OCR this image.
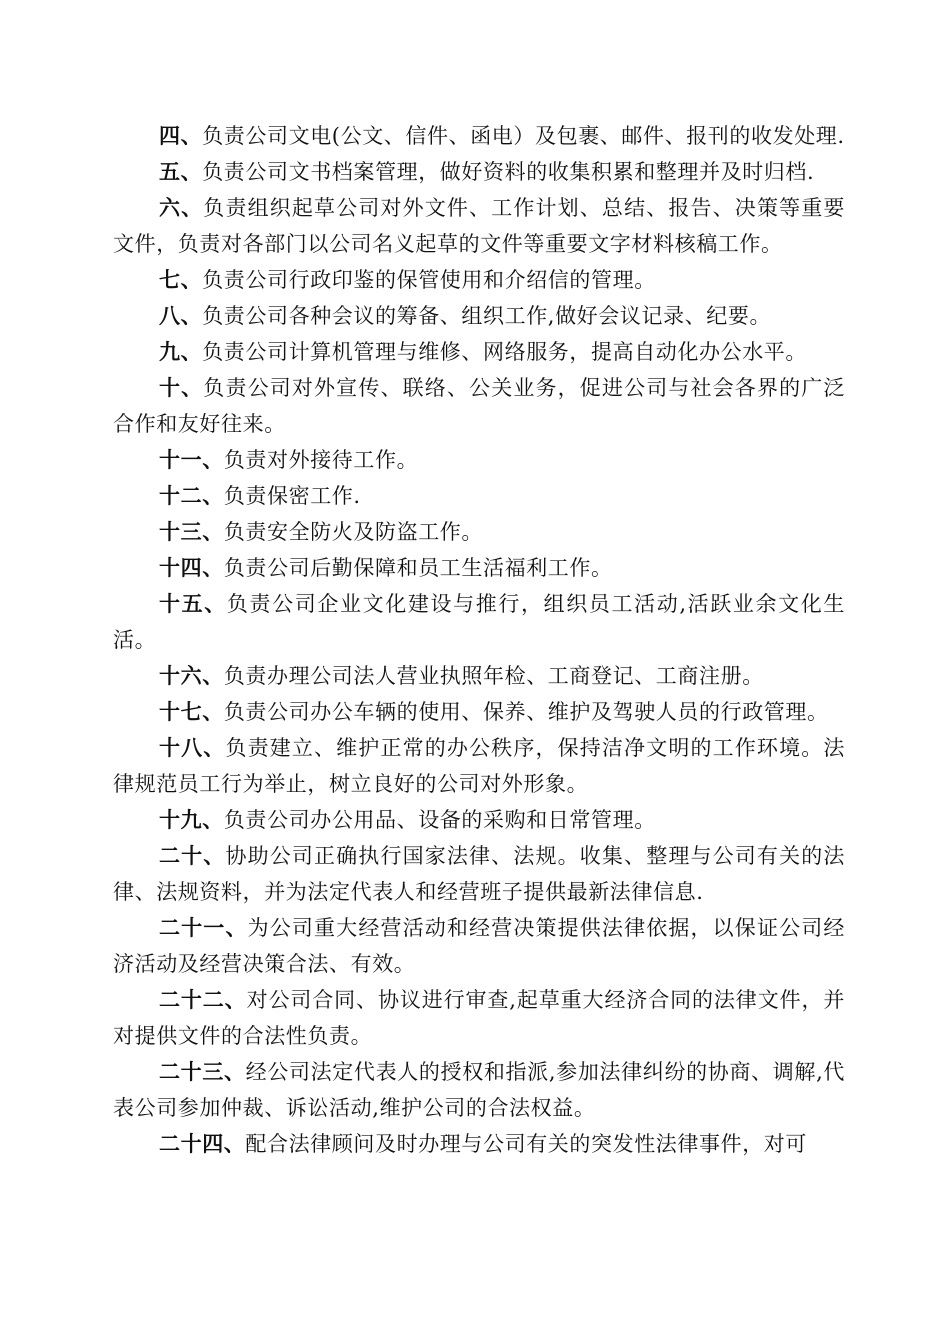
四、负责公司文电(公文、信件、函电）及包裹、邮件、报刊的收发处理.

五、负责公司文书档案管理，做好资料的收集积累和整理并及时归档.

六、负责组织起草公司对外文件、工作计划、总结、报告、决策等重要文件，负责对各部门以公司名义起草的文件等重要文字材料核稿工作。

七、负责公司行政印鉴的保管使用和介绍信的管理。

八、负责公司各种会议的筹备、组织工作,做好会议记录、纪要。

九、负责公司计算机管理与维修、网络服务，提高自动化办公水平。

十、负责公司对外宣传、联络、公关业务，促进公司与社会各界的广泛合作和友好往来。

十一、负责对外接待工作。

十二、负责保密工作.

十三、负责安全防火及防盗工作。

十四、负责公司后勤保障和员工生活福利工作。

十五、负责公司企业文化建设与推行，组织员工活动,活跃业余文化生活。

十六、负责办理公司法人营业执照年检、工商登记、工商注册。

十七、负责公司办公车辆的使用、保养、维护及驾驶人员的行政管理。

十八、负责建立、维护正常的办公秩序，保持洁净文明的工作环境。法律规范员工行为举止，树立良好的公司对外形象。

十九、负责公司办公用品、设备的采购和日常管理。

二十、协助公司正确执行国家法律、法规。收集、整理与公司有关的法律、法规资料，并为法定代表人和经营班子提供最新法律信息.

二十一、为公司重大经营活动和经营决策提供法律依据，以保证公司经济活动及经营决策合法、有效。

二十二、对公司合同、协议进行审查,起草重大经济合同的法律文件，并对提供文件的合法性负责。

二十三、经公司法定代表人的授权和指派,参加法律纠纷的协商、调解,代表公司参加仲裁、诉讼活动,维护公司的合法权益。

二十四、配合法律顾问及时办理与公司有关的突发性法律事件，对可
